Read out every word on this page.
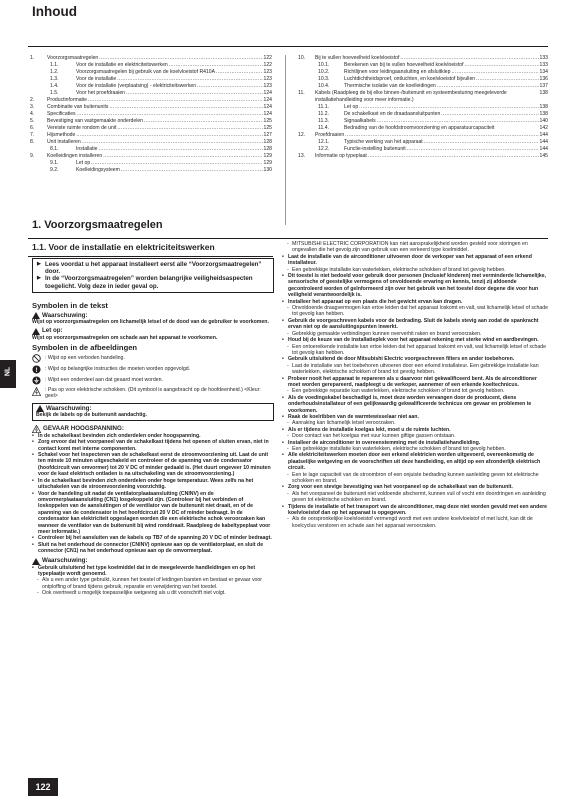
Inhoud
1.	Voorzorgsmaatregelen .....	122
1.1.	Voor de installatie en elektriciteitswerken .....	122
1.2.	Voorzorgsmaatregelen bij gebruik van de koelvloeistof R410A .....	123
1.3.	Voor de installatie .....	123
1.4.	Voor de installatie (verplaatsing) - elektriciteitswerken .....	123
1.5.	Voor het proefdraaien .....	124
2.	Productinformatie .....	124
3.	Combinatie van buitenunits .....	124
4.	Specificaties .....	124
5.	Bevestiging van vastgemaakte onderdelen .....	125
6.	Vereiste ruimte rondom de unit .....	125
7.	Hijsmethode .....	127
8.	Unit installeren .....	128
8.1.	Installatie .....	128
9.	Koelleidingen installeren .....	129
9.1.	Let op .....	129
9.2.	Koelleidingsysteem .....	130
10.	Bij te vullen hoeveelheid koelvloeistof .....	133
10.1.	Berekenen van bij te vullen hoeveelheid koelvloeistof .....	133
10.2.	Richtlijnen voor leidingaansluiting en afsluitklep .....	134
10.3.	Luchtdichtheidsproef, ontluchten, en koelvloeistof bijvullen .....	136
10.4.	Thermische isolatie van de koelleidingen .....	137
11.	Kabels (Raadpleeg de bij elke binnen-/buitenunit en systeembesturing meegeleverde installatiehandleiding voor meer informatie.)
138
11.1.	Let op .....	138
11.2.	De schakelkast en de draadaansluitpunten .....	138
11.3.	Signaalkabels .....	140
11.4.	Bedrading van de hoofdstroomvoorziening en apparatuurcapaciteit	142
12.	Proefdraaien .....	144
12.1.	Typische werking van het apparaat .....	144
12.2.	Functie-instelling buitenunit .....	144
13.	Informatie op typeplaat .....	145
1. Voorzorgsmaatregelen
1.1. Voor de installatie en elektriciteitswerken
NL
▶ Lees voordat u het apparaat installeert eerst alle “Voorzorgsmaatregelen” door.
▶ In de “Voorzorgsmaatregelen” worden belangrijke veiligheidsaspecten toegelicht. Volg deze in ieder geval op.
Symbolen in de tekst
Waarschuwing:
Wijst op voorzorgsmaatregelen om lichamelijk letsel of de dood van de gebruiker te voorkomen.
Let op:
Wijst op voorzorgsmaatregelen om schade aan het apparaat te voorkomen.
Symbolen in de afbeeldingen
: Wijst op een verboden handeling.
! : Wijst op belangrijke instructies die moeten worden opgevolgd.
: Wijst een onderdeel aan dat geaard moet worden.
: Pas op voor elektrische schokken. (Dit symbool is aangebracht op de hoofdeenheid.) <Kleur: geel>
Waarschuwing:
Bekijk de labels op de buitenunit aandachtig.
GEVAAR HOOGSPANNING:
• In de schakelkast bevinden zich onderdelen onder hoogspanning.
• Zorg ervoor dat het voorpaneel van de schakelkast tijdens het openen of sluiten ervan, niet in contact komt met interne componenten.
• Schakel voor het inspecteren van de schakelkast eerst de stroomvoorziening uit. Laat de unit ten minste 10 minuten uitgeschakeld en controleer of de spanning van de condensator (hoofdcircuit van omvormer) tot 20 V DC of minder gedaald is. (Het duurt ongeveer 10 minuten voor de kast elektrisch ontladen is na uitschakeling van de stroomvoorziening.)
• In de schakelkast bevinden zich onderdelen onder hoge temperatuur. Wees zelfs na het uitschakelen van de stroomvoorziening voorzichtig.
• Voor de handeling uit nadat de ventilatorplaataansluiting (CNINV) en de omvormerplaataansluiting (CN1) losgekoppeld zijn. (Controleer bij het verbinden of loskoppelen van de aansluitingen of de ventilator van de buitenunit niet draait, en of de spanning van de condensator in het hoofdcircuit 20 V DC of minder bedraagt. In de condensator kan elektriciteit opgeslagen worden die een elektrische schok veroorzaken kan wanneer de ventilator van de buitenunit bij wind ronddraait. Raadpleeg de kabeltypeplaat voor meer informatie.)
• Controleer bij het aansluiten van de kabels op TB7 of de spanning 20 V DC of minder bedraagt.
• Sluit na het onderhoud de connector (CNINV) opnieuw aan op de ventilatorplaat, en sluit de connector (CN1) na het onderhoud opnieuw aan op de omvormerplaat.
Waarschuwing:
• Gebruik uitsluitend het type koelmiddel dat in de meegeleverde handleidingen en op het typeplaatje wordt genoemd.
- Als u een ander type gebruikt, kunnen het toestel of leidingen barsten en bestaat er gevaar voor ontploffing of brand tijdens gebruik, reparatie en verwijdering van het toestel.
- Ook overtreedt u mogelijk toepasselijke wetgeving als u dit voorschrift niet volgt.
- MITSUBISHI ELECTRIC CORPORATION kan niet aansprakelijkheid worden gesteld voor storingen en ongevallen die het gevolg zijn van gebruik van een verkeerd type koelmiddel.
• Laat de installatie van de airconditioner uitvoeren door de verkoper van het apparaat of een erkend installateur.
- Een gebrekkige installatie kan waterlekken, elektrische schokken of brand tot gevolg hebben.
• Dit toestel is niet bedoeld voor gebruik door personen (inclusief kinderen) met verminderde lichamelijke, sensorische of geestelijke vermogens of onvoldoende ervaring en kennis, tenzij zij afdoende gecontroleerd worden of geïnformeerd zijn over het gebruik van het toestel door degene die voor hun veiligheid verantwoordelijk is.
• Installeer het apparaat op een plaats die het gewicht ervan kan dragen.
- Onvoldoende draagvermogen kan ertoe leiden dat het apparaat loskomt en valt, wat lichamelijk letsel of schade tot gevolg kan hebben.
• Gebruik de voorgeschreven kabels voor de bedrading. Sluit de kabels stevig aan zodat de spankracht ervan niet op de aansluitingspunten inwerkt.
- Gebrekkig gemaakte verbindingen kunnen oververhit raken en brand veroorzaken.
• Houd bij de keuze van de installatieplek voor het apparaat rekening met sterke wind en aardbevingen.
- Een ontoereikende installatie kan ertoe leiden dat het apparaat loskomt en valt, wat lichamelijk letsel of schade tot gevolg kan hebben.
• Gebruik uitsluitend de door Mitsubishi Electric voorgeschreven filters en ander toebehoren.
- Laat de installatie van het toebehoren uitvoeren door een erkend installateur. Een gebrekkige installatie kan waterlekken, elektrische schokken of brand tot gevolg hebben.
• Probeer nooit het apparaat te repareren als u daarvoor niet gekwalificeerd bent. Als de airconditioner moet worden gerepareerd, raadpleegt u de verkoper, aannemer of een erkende koeltechnicus.
- Een gebrekkige reparatie kan waterlekken, elektrische schokken of brand tot gevolg hebben.
• Als de voedingskabel beschadigd is, moet deze worden vervangen door de producent, diens onderhoudsinstallateur of een gelijkwaardig gekwalificeerde technicus om gevaar en problemen te voorkomen.
• Raak de koelribben van de warmtewisselaar niet aan.
- Aanraking kan lichamelijk letsel veroorzaken.
• Als er tijdens de installatie koelgas lekt, moet u de ruimte luchten.
- Door contact van het koelgas met vuur kunnen giftige gassen ontstaan.
• Installeer de airconditioner in overeenstemming met de installatiehandleiding.
- Een gebrekkige installatie kan waterlekken, elektrische schokken of brand tot gevolg hebben.
• Alle elektriciteitswerken moeten door een erkend elektricien worden uitgevoerd, overeenkomstig de plaatselijke wetgeving en de voorschriften uit deze handleiding, en altijd op een afzonderlijk elektrisch circuit.
- Een te lage capaciteit van de stroombron of een onjuiste bedrading kunnen aanleiding geven tot elektrische schokken en brand.
• Zorg voor een stevige bevestiging van het voorpaneel op de schakelkast van de buitenunit.
- Als het voorpaneel de buitenunit niet voldoende afschermt, kunnen vuil of vocht erin doordringen en aanleiding geven tot elektrische schokken en brand.
• Tijdens de installatie of het transport van de airconditioner, mag deze niet worden gevuld met een andere koelvloeistof dan op het apparaat is opgegeven.
- Als de oorspronkelijke koelvloeistof vermengd wordt met een andere koelvloeistof of met lucht, kan dit de koelcyclus verstoren en schade aan het apparaat veroorzaken.
122
